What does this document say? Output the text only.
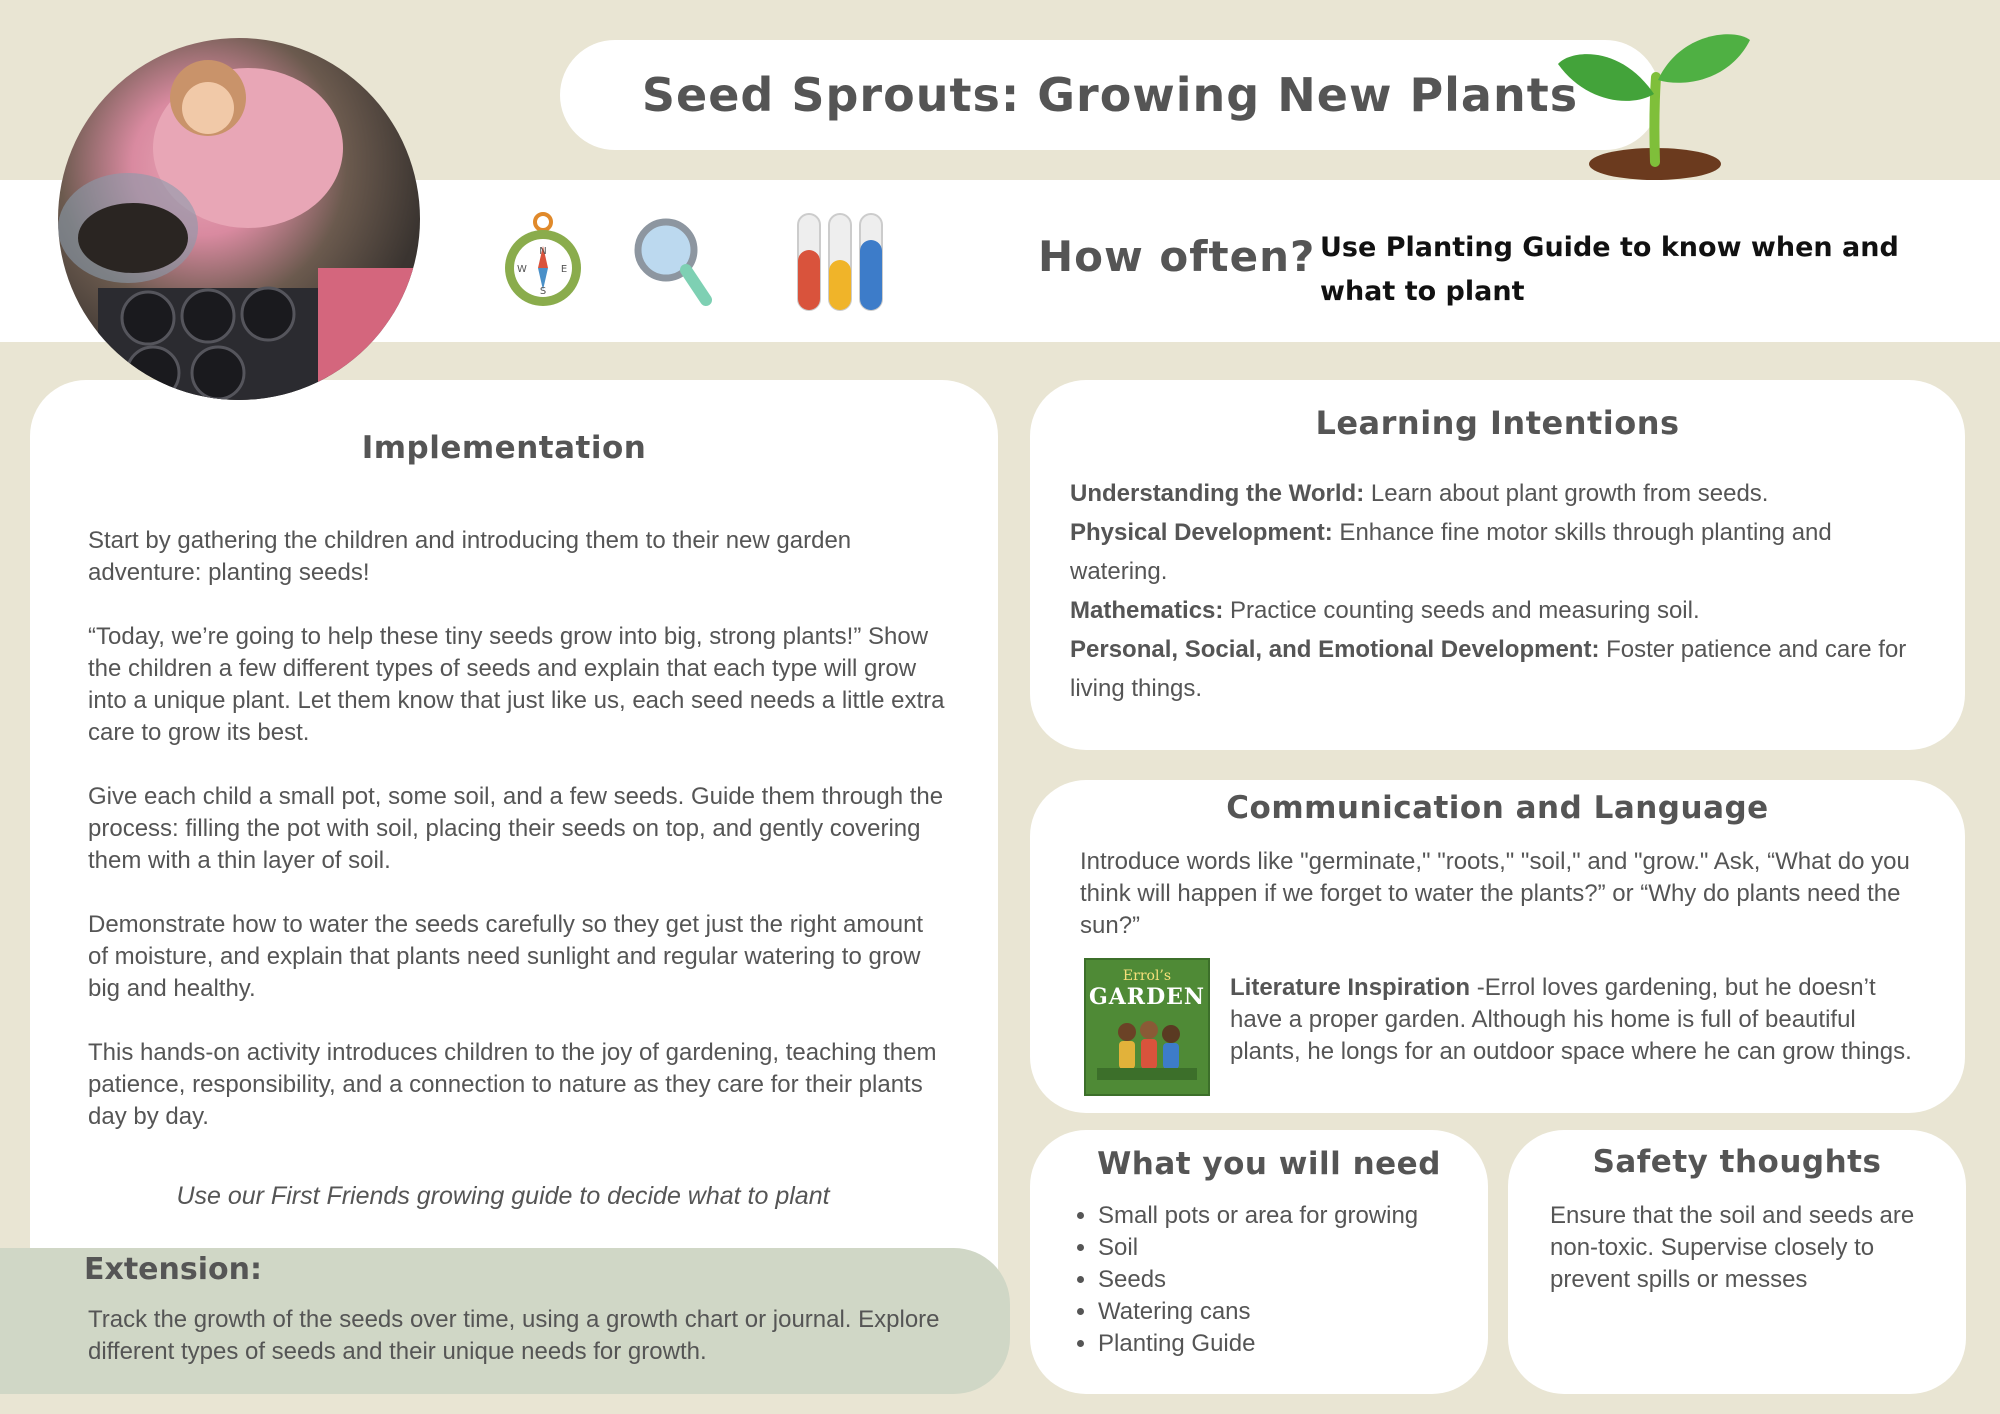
Seed Sprouts: Growing New Plants
N
S
W	E	How often? Use Planting Guide to know when and what to plant
Implementation

Start by gathering the children and introducing them to their new garden adventure: planting seeds!

“Today, we’re going to help these tiny seeds grow into big, strong plants!” Show the children a few different types of seeds and explain that each type will grow into a unique plant. Let them know that just like us, each seed needs a little extra care to grow its best.

Give each child a small pot, some soil, and a few seeds. Guide them through the process: filling the pot with soil, placing their seeds on top, and gently covering them with a thin layer of soil.

Demonstrate how to water the seeds carefully so they get just the right amount of moisture, and explain that plants need sunlight and regular watering to grow big and healthy.

This hands-on activity introduces children to the joy of gardening, teaching them patience, responsibility, and a connection to nature as they care for their plants day by day.

Use our First Friends growing guide to decide what to plant
Extension:
Track the growth of the seeds over time, using a growth chart or journal. Explore different types of seeds and their unique needs for growth.
Learning Intentions
Understanding the World: Learn about plant growth from seeds.
Physical Development: Enhance fine motor skills through planting and watering.
Mathematics: Practice counting seeds and measuring soil.
Personal, Social, and Emotional Development: Foster patience and care for living things.
Communication and Language
Introduce words like "germinate," "roots," "soil," and "grow." Ask, “What do you think will happen if we forget to water the plants?” or “Why do plants need the sun?”
Errol’s
GARDEN Literature Inspiration -Errol loves gardening, but he doesn’t have a proper garden. Although his home is full of beautiful plants, he longs for an outdoor space where he can grow things.
What you will need
• Small pots or area for growing
• Soil
• Seeds
• Watering cans
• Planting Guide
Safety thoughts
Ensure that the soil and seeds are non-toxic. Supervise closely to prevent spills or messes
